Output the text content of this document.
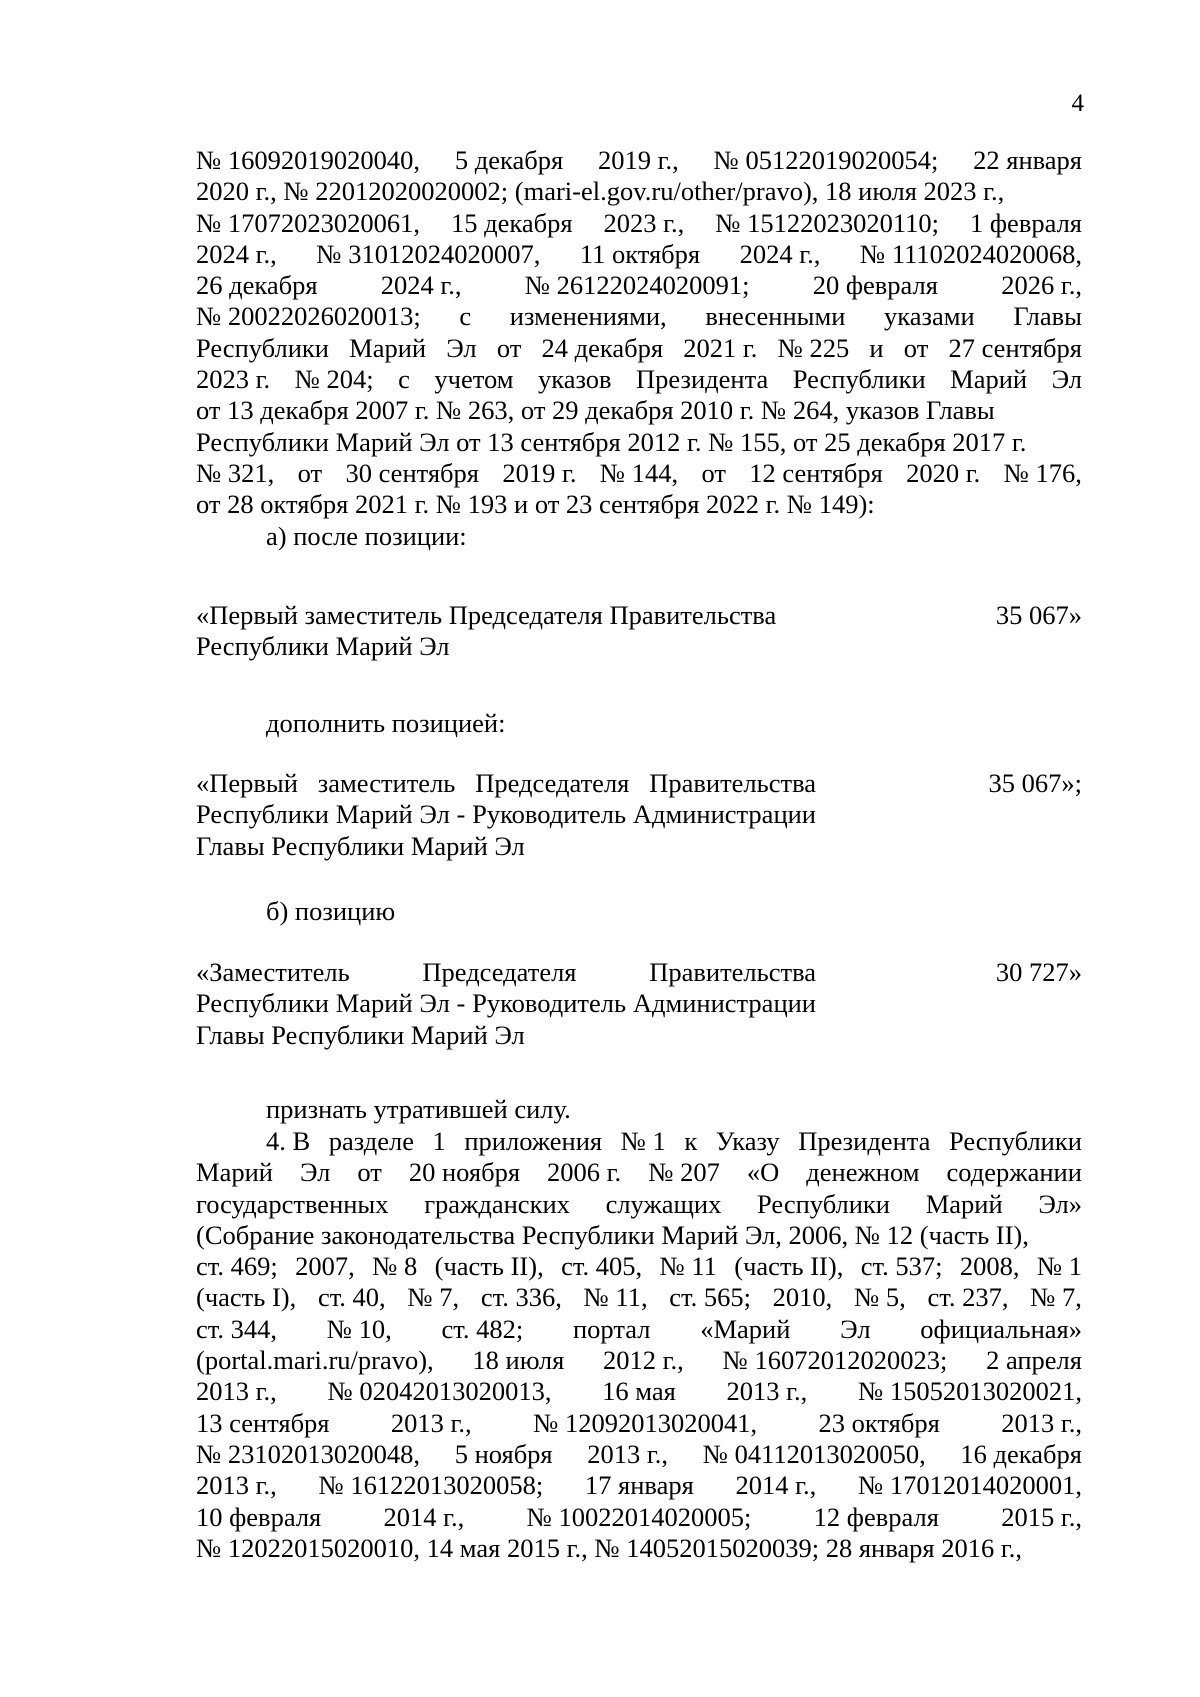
4
№ 16092019020040, 5 декабря 2019 г., № 05122019020054; 22 января
2020 г., № 22012020020002; (mari-el.gov.ru/other/pravo), 18 июля 2023 г.,
№ 17072023020061, 15 декабря 2023 г., № 15122023020110; 1 февраля
2024 г., № 31012024020007, 11 октября 2024 г., № 11102024020068,
26 декабря 2024 г., № 26122024020091; 20 февраля 2026 г.,
№ 20022026020013; с изменениями, внесенными указами Главы
Республики Марий Эл от 24 декабря 2021 г. № 225 и от 27 сентября
2023 г. № 204; с учетом указов Президента Республики Марий Эл
от 13 декабря 2007 г. № 263, от 29 декабря 2010 г. № 264, указов Главы
Республики Марий Эл от 13 сентября 2012 г. № 155, от 25 декабря 2017 г.
№ 321, от 30 сентября 2019 г. № 144, от 12 сентября 2020 г. № 176,
от 28 октября 2021 г. № 193 и от 23 сентября 2022 г. № 149):
а) после позиции:
«Первый заместитель Председателя Правительства Республики Марий Эл
35 067»
дополнить позицией:
«Первый заместитель Председателя Правительства Республики Марий Эл - Руководитель Администрации Главы Республики Марий Эл
35 067»;
б) позицию
«Заместитель Председателя Правительства Республики Марий Эл - Руководитель Администрации Главы Республики Марий Эл
30 727»
признать утратившей силу.
4. В разделе 1 приложения № 1 к Указу Президента Республики
Марий Эл от 20 ноября 2006 г. № 207 «О денежном содержании
государственных гражданских служащих Республики Марий Эл»
(Собрание законодательства Республики Марий Эл, 2006, № 12 (часть II),
ст. 469; 2007, № 8 (часть II), ст. 405, № 11 (часть II), ст. 537; 2008, № 1
(часть I), ст. 40, № 7, ст. 336, № 11, ст. 565; 2010, № 5, ст. 237, № 7,
ст. 344, № 10, ст. 482; портал «Марий Эл официальная»
(portal.mari.ru/pravo), 18 июля 2012 г., № 16072012020023; 2 апреля
2013 г., № 02042013020013, 16 мая 2013 г., № 15052013020021,
13 сентября 2013 г., № 12092013020041, 23 октября 2013 г.,
№ 23102013020048, 5 ноября 2013 г., № 04112013020050, 16 декабря
2013 г., № 16122013020058; 17 января 2014 г., № 17012014020001,
10 февраля 2014 г., № 10022014020005; 12 февраля 2015 г.,
№ 12022015020010, 14 мая 2015 г., № 14052015020039; 28 января 2016 г.,
